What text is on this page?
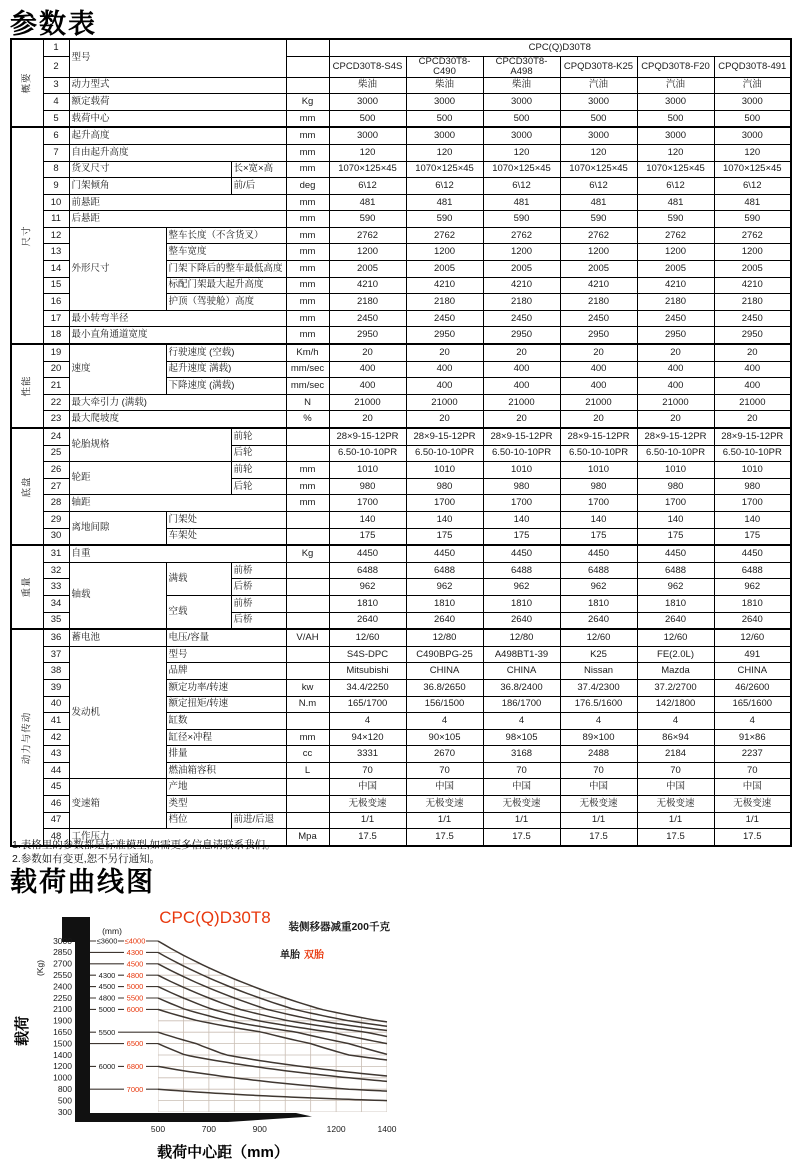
参数表
概要	1	型号				CPC(Q)D30T8					
	2					CPCD30T8-S4S	CPCD30T8-C490	CPCD30T8-A498	CPQD30T8-K25	CPQD30T8-F20	CPQD30T8-491
	3	动力型式				柴油	柴油	柴油	汽油	汽油	汽油
	4	额定载荷			Kg	3000	3000	3000	3000	3000	3000
	5	载荷中心			mm	500	500	500	500	500	500

尺寸	6	起升高度			mm	3000	3000	3000	3000	3000	3000
	7	自由起升高度			mm	120	120	120	120	120	120
	8	货叉尺寸		长×宽×高	mm	1070×125×45	1070×125×45	1070×125×45	1070×125×45	1070×125×45	1070×125×45
	9	门架倾角		前/后	deg	6\12	6\12	6\12	6\12	6\12	6\12
	10	前悬距			mm	481	481	481	481	481	481
	11	后悬距			mm	590	590	590	590	590	590
	12	外形尺寸	整车长度（不含货叉）		mm	2762	2762	2762	2762	2762	2762
	13		整车宽度		mm	1200	1200	1200	1200	1200	1200
	14		门架下降后的整车最低高度		mm	2005	2005	2005	2005	2005	2005
	15		标配门架最大起升高度		mm	4210	4210	4210	4210	4210	4210
	16		护顶（驾驶舱）高度		mm	2180	2180	2180	2180	2180	2180
	17	最小转弯半径			mm	2450	2450	2450	2450	2450	2450
	18	最小直角通道宽度			mm	2950	2950	2950	2950	2950	2950

性能	19	速度	行驶速度 (空载)		Km/h	20	20	20	20	20	20
	20		起升速度 满载)		mm/sec	400	400	400	400	400	400
	21		下降速度 (满载)		mm/sec	400	400	400	400	400	400
	22	最大牵引力 (满载)			N	21000	21000	21000	21000	21000	21000
	23	最大爬坡度			%	20	20	20	20	20	20

底盘	24	轮胎规格		前轮		28×9-15-12PR	28×9-15-12PR	28×9-15-12PR	28×9-15-12PR	28×9-15-12PR	28×9-15-12PR
	25			后轮		6.50-10-10PR	6.50-10-10PR	6.50-10-10PR	6.50-10-10PR	6.50-10-10PR	6.50-10-10PR
	26	轮距		前轮	mm	1010	1010	1010	1010	1010	1010
	27			后轮	mm	980	980	980	980	980	980
	28	轴距			mm	1700	1700	1700	1700	1700	1700
	29	离地间隙	门架处			140	140	140	140	140	140
	30		车架处			175	175	175	175	175	175

重量	31	自重			Kg	4450	4450	4450	4450	4450	4450
	32	轴载	满载	前桥		6488	6488	6488	6488	6488	6488
	33			后桥		962	962	962	962	962	962
	34		空载	前桥		1810	1810	1810	1810	1810	1810
	35			后桥		2640	2640	2640	2640	2640	2640

动力与传动	36	蓄电池	电压/容量		V/AH	12/60	12/80	12/80	12/60	12/60	12/60
	37	发动机	型号			S4S-DPC	C490BPG-25	A498BT1-39	K25	FE(2.0L)	491
	38		品牌			Mitsubishi	CHINA	CHINA	Nissan	Mazda	CHINA
	39		额定功率/转速		kw	34.4/2250	36.8/2650	36.8/2400	37.4/2300	37.2/2700	46/2600
	40		额定扭矩/转速		N.m	165/1700	156/1500	186/1700	176.5/1600	142/1800	165/1600
	41		缸数			4	4	4	4	4	4
	42		缸径×冲程		mm	94×120	90×105	98×105	89×100	86×94	91×86
	43		排量		cc	3331	2670	3168	2488	2184	2237
	44		燃油箱容积		L	70	70	70	70	70	70
	45	变速箱	产地			中国	中国	中国	中国	中国	中国
	46		类型			无极变速	无极变速	无极变速	无极变速	无极变速	无极变速
	47		档位	前进/后退		1/1	1/1	1/1	1/1	1/1	1/1
	48	工作压力			Mpa	17.5	17.5	17.5	17.5	17.5	17.5
1.表格里的参数都是标准模型,如需更多信息请联系我们。
2.参数如有变更,恕不另行通知。
载荷曲线图
≤3600 ≤4000
4300
4500
4300 4800
4500 5000
4800 5500
5000 6000
5500
6500
6000 6800
7000
3000
2850
2700
2550
2400
2250
2100
1900
1650
1500
1400
1200
1000
800
500
300
500	700	900	1200	1400
(mm)
(Kg)
载荷
CPC(Q)D30T8 装侧移器减重200千克
单胎 双胎
载荷中心距（mm）
